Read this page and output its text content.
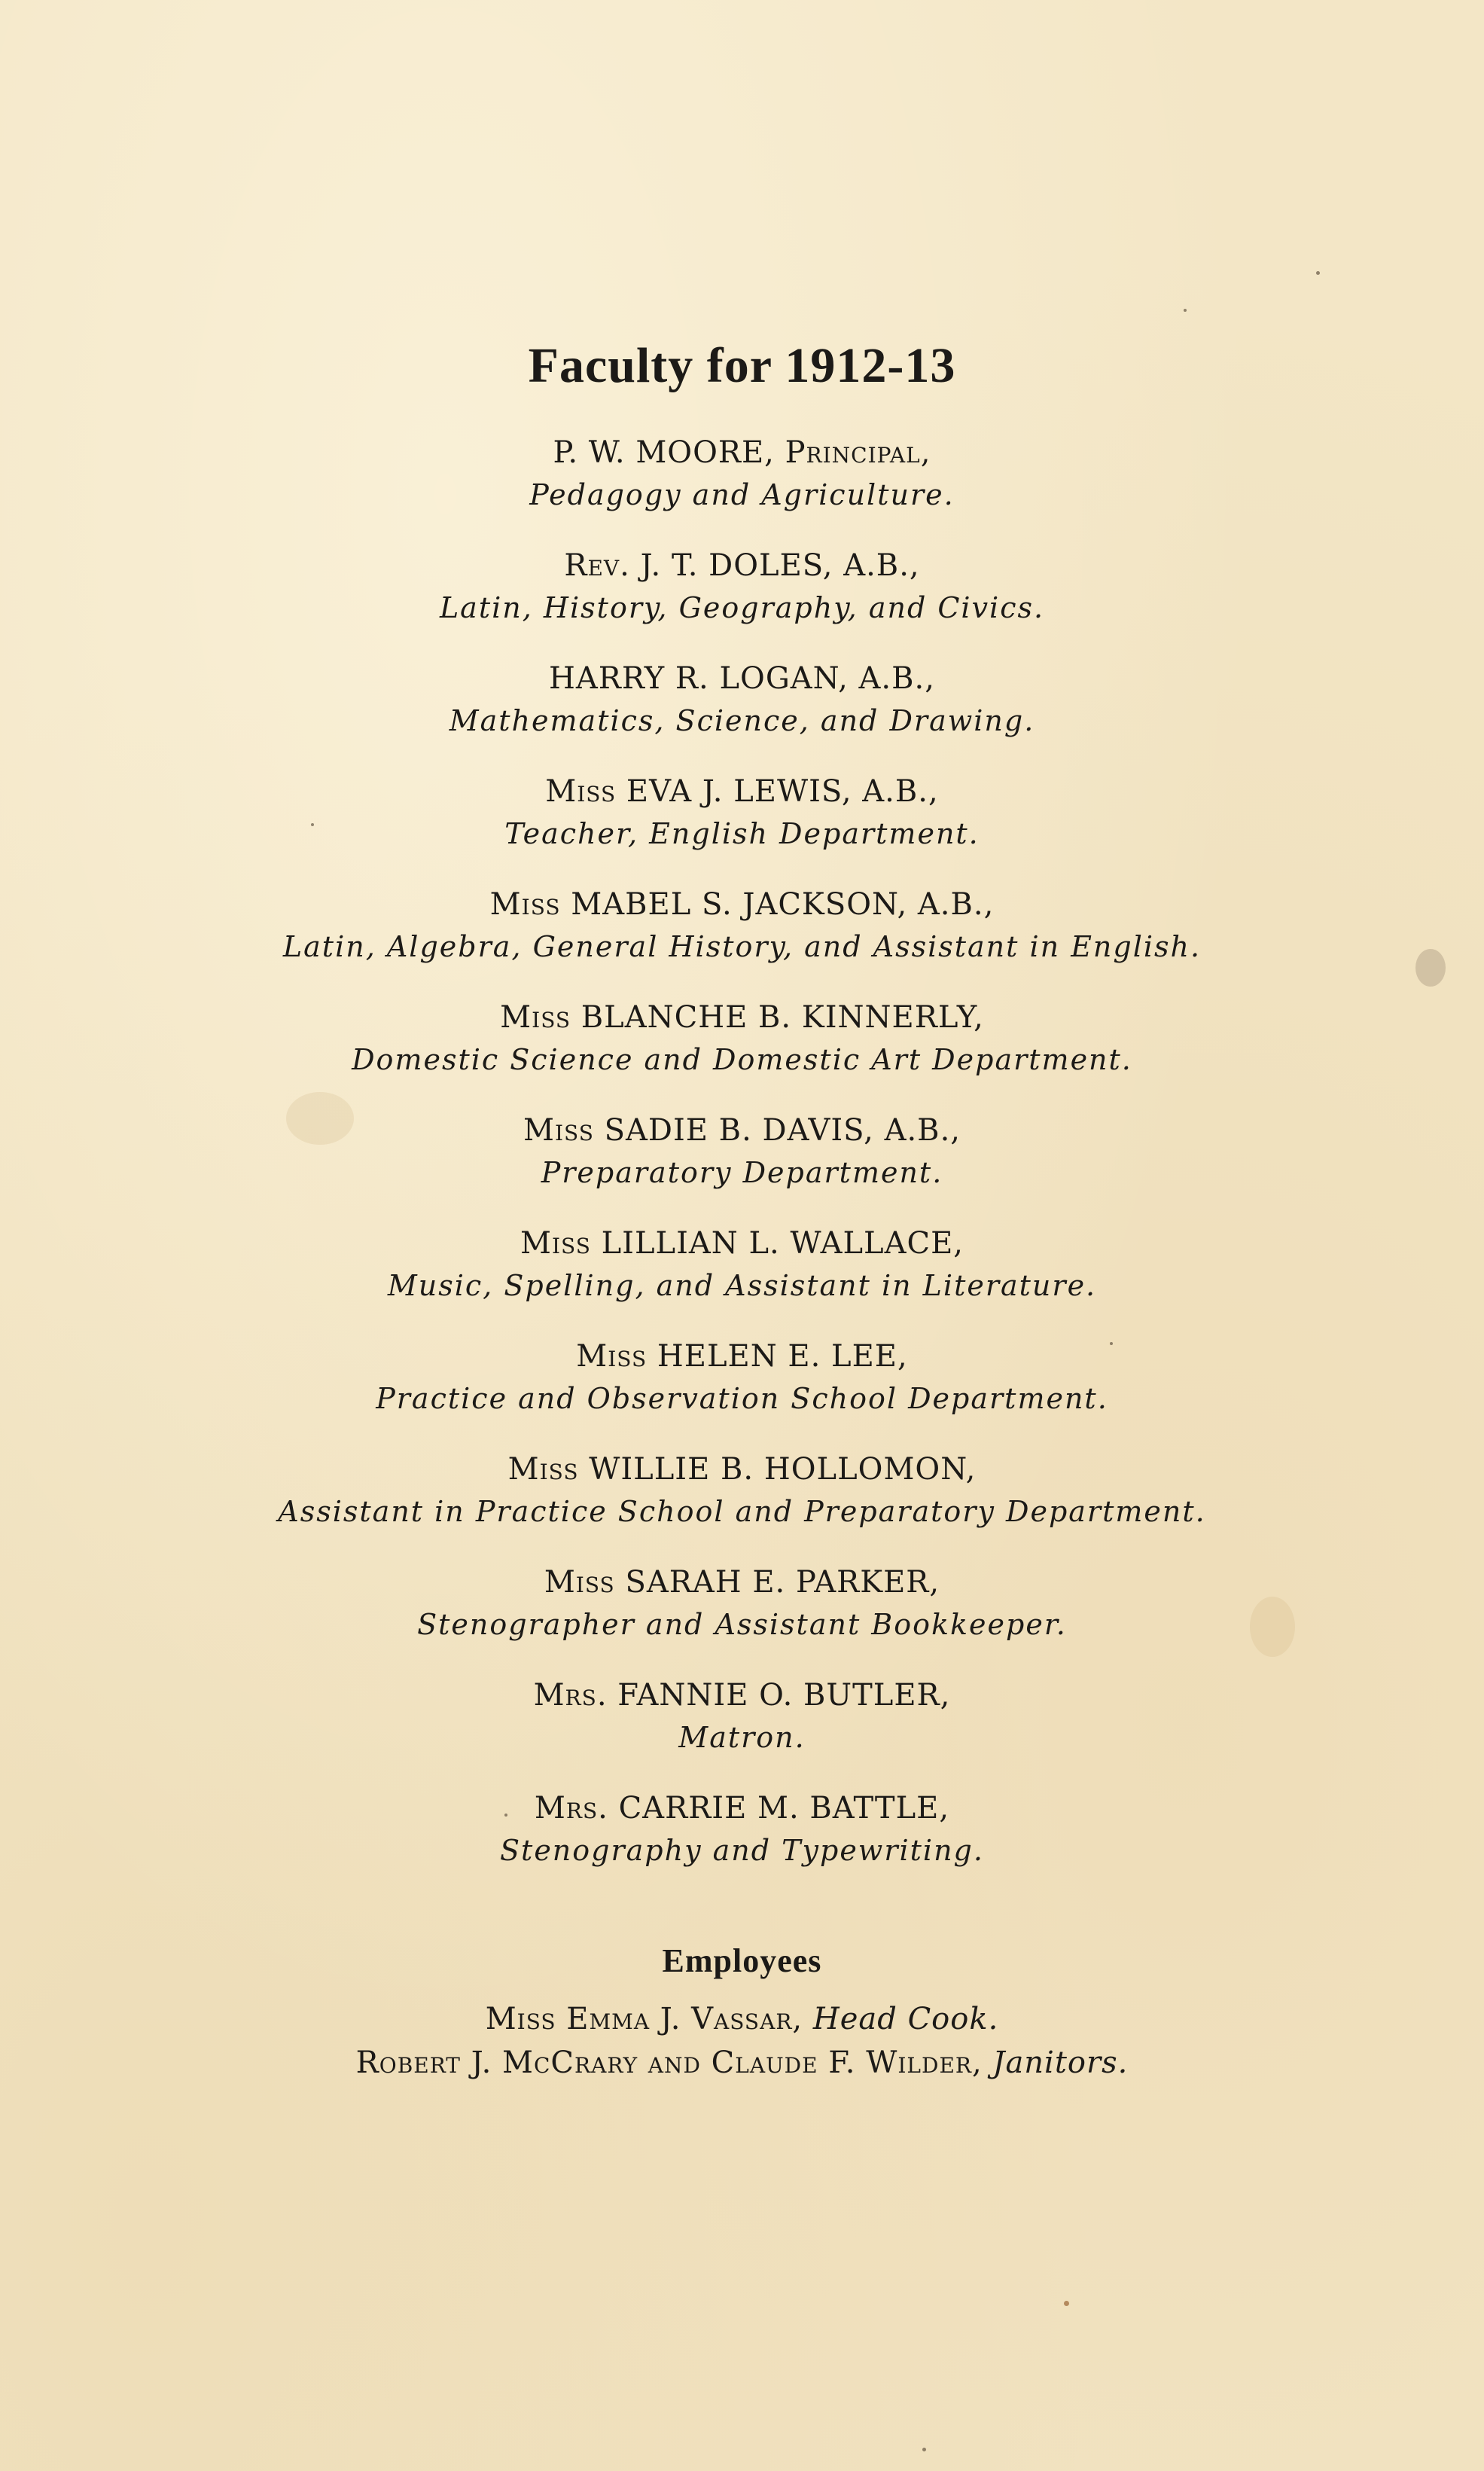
Faculty for 1912-13
P. W. MOORE, Principal,
Pedagogy and Agriculture.
Rev. J. T. DOLES, A.B.,
Latin, History, Geography, and Civics.
HARRY R. LOGAN, A.B.,
Mathematics, Science, and Drawing.
Miss EVA J. LEWIS, A.B.,
Teacher, English Department.
Miss MABEL S. JACKSON, A.B.,
Latin, Algebra, General History, and Assistant in English.
Miss BLANCHE B. KINNERLY,
Domestic Science and Domestic Art Department.
Miss SADIE B. DAVIS, A.B.,
Preparatory Department.
Miss LILLIAN L. WALLACE,
Music, Spelling, and Assistant in Literature.
Miss HELEN E. LEE,
Practice and Observation School Department.
Miss WILLIE B. HOLLOMON,
Assistant in Practice School and Preparatory Department.
Miss SARAH E. PARKER,
Stenographer and Assistant Bookkeeper.
Mrs. FANNIE O. BUTLER,
Matron.
Mrs. CARRIE M. BATTLE,
Stenography and Typewriting.
Employees
Miss Emma J. Vassar, Head Cook.
Robert J. McCrary and Claude F. Wilder, Janitors.
